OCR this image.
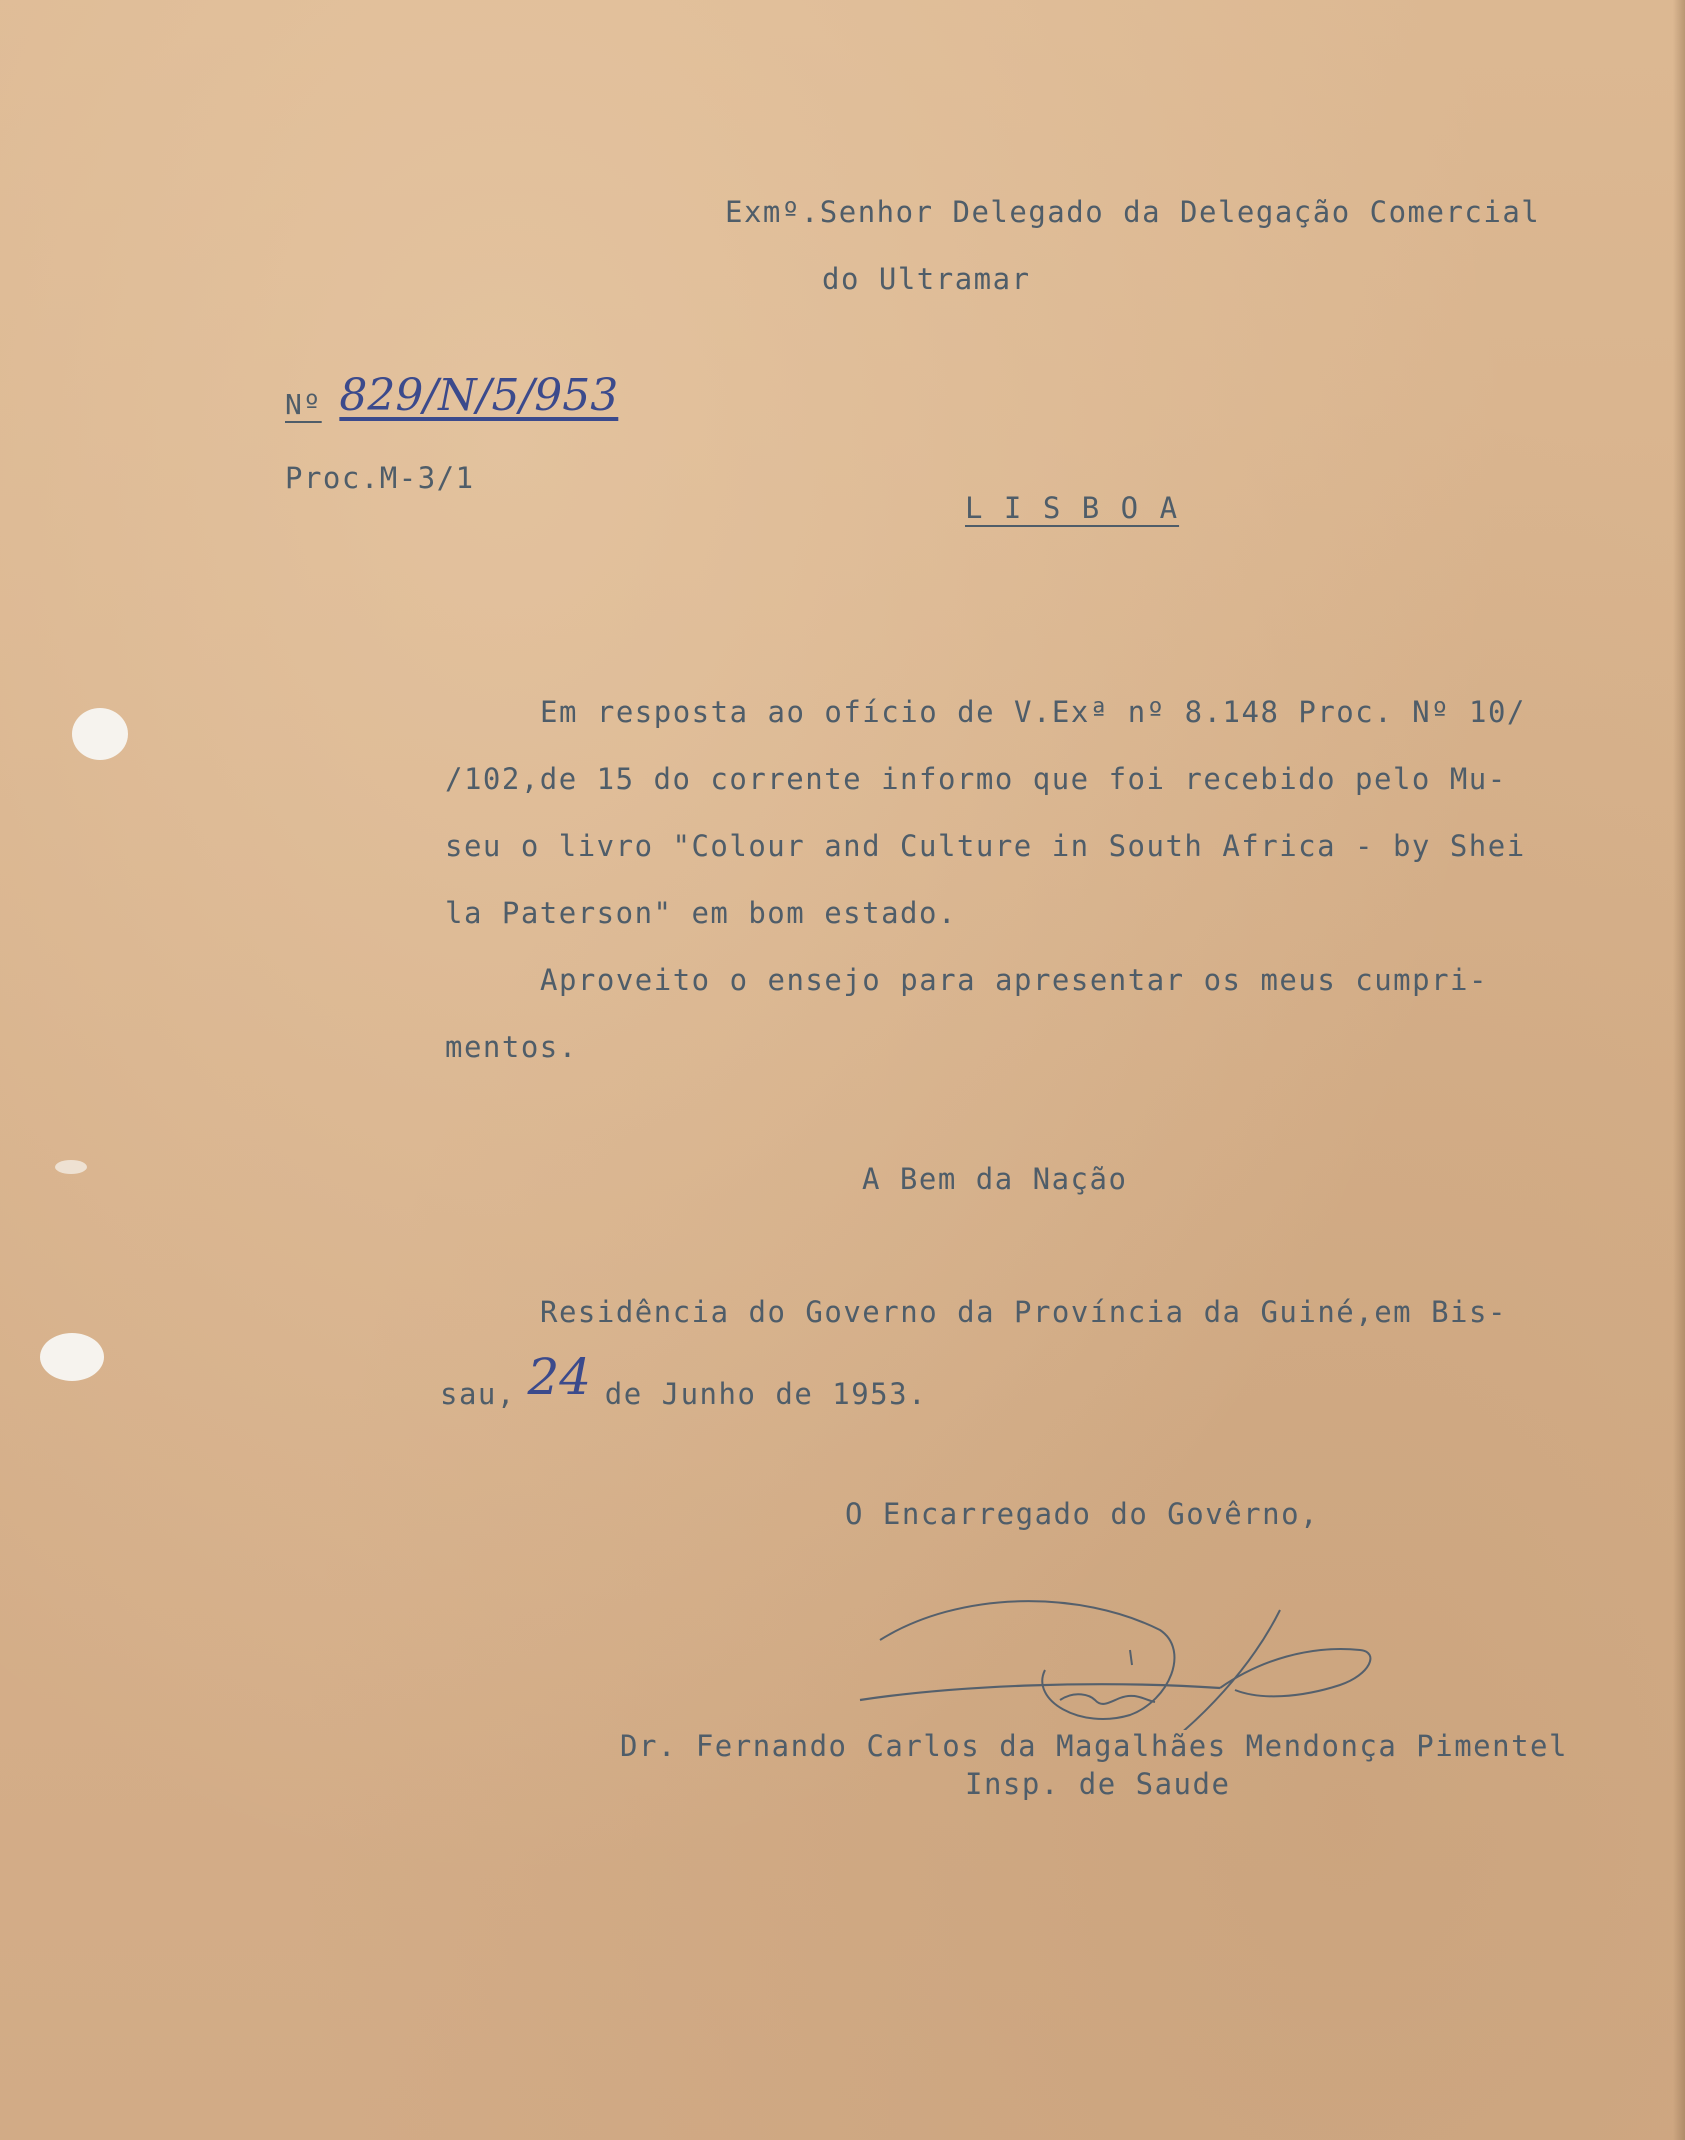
Exmº.Senhor Delegado da Delegação Comercial
do Ultramar
Nº 829/N/5/953
Proc.M-3/1
L I S B O A
Em resposta ao ofício de V.Exª nº 8.148 Proc. Nº 10/
/102,de 15 do corrente informo que foi recebido pelo Mu-
seu o livro "Colour and Culture in South Africa - by Shei
la Paterson" em bom estado.
Aproveito o ensejo para apresentar os meus cumpri-
mentos.
A Bem da Nação
Residência do Governo da Província da Guiné,em Bis-
sau, 24 de Junho de 1953.
O Encarregado do Govêrno,
Dr. Fernando Carlos da Magalhães Mendonça Pimentel
Insp. de Saude
